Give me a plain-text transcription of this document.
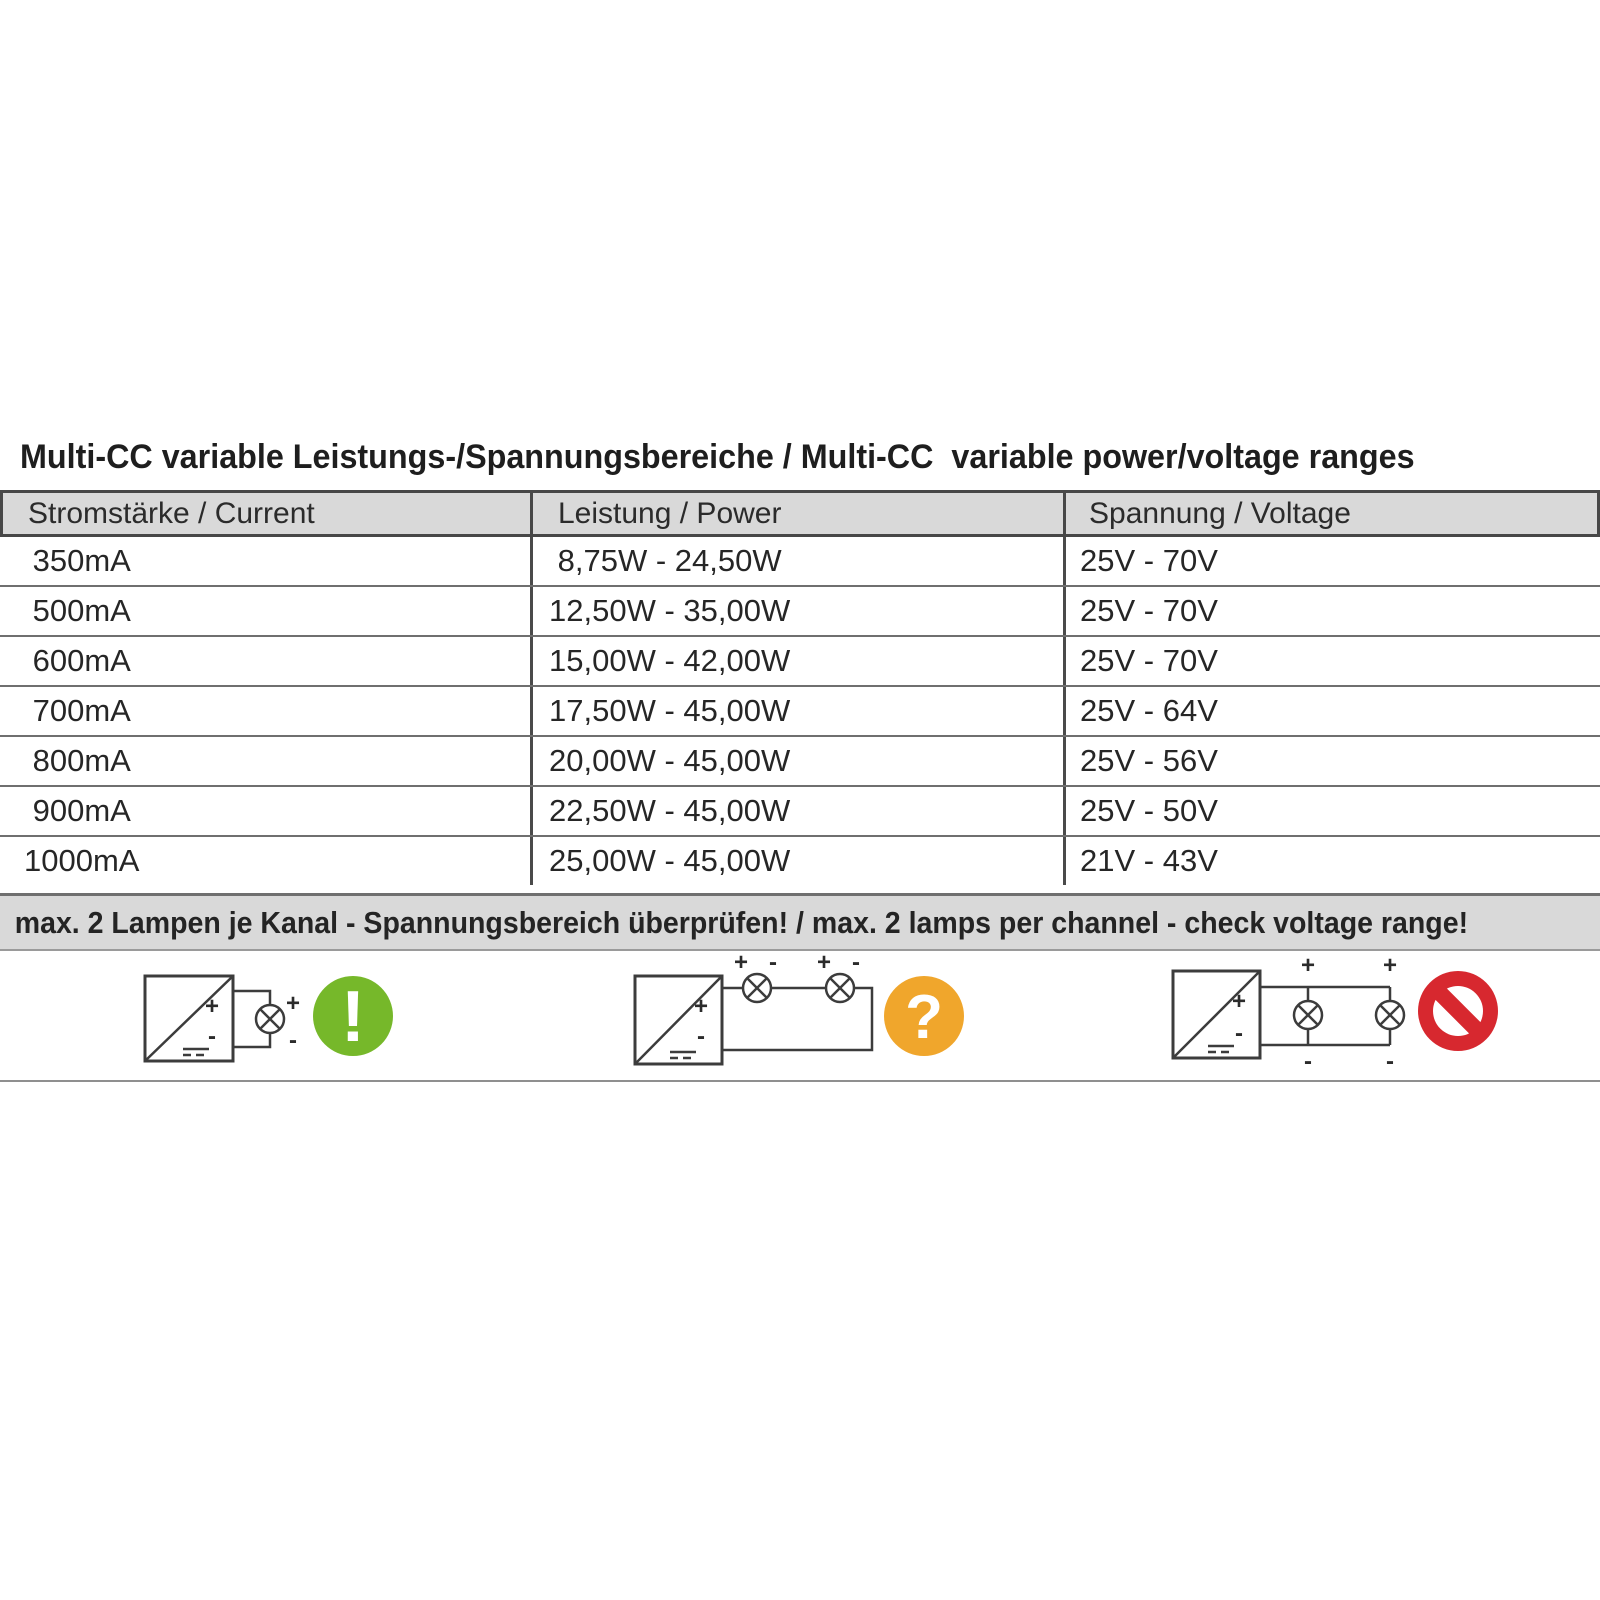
Multi-CC variable Leistungs-/Spannungsbereiche / Multi-CC  variable power/voltage ranges
Stromstärke / Current	Leistung / Power	Spannung / Voltage
350mA	8,75W - 24,50W	25V - 70V
500mA	12,50W - 35,00W	25V - 70V
600mA	15,00W - 42,00W	25V - 70V
700mA	17,50W - 45,00W	25V - 64V
800mA	20,00W - 45,00W	25V - 56V
900mA	22,50W - 45,00W	25V - 50V
1000mA	25,00W - 45,00W	21V - 43V
max. 2 Lampen je Kanal - Spannungsbereich überprüfen! / max. 2 lamps per channel - check voltage range!
+
-
+
- !	+
-
+ - + -
?	+
-
+	+
-	-
